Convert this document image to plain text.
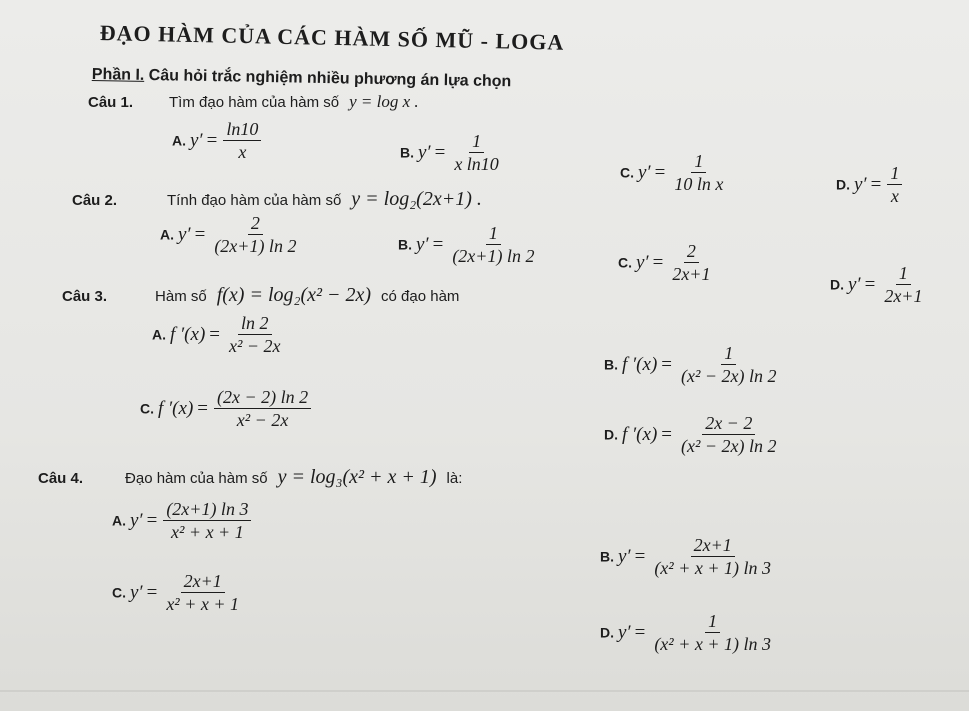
ĐẠO HÀM CỦA CÁC HÀM SỐ MŨ - LOGA
Phần I. Câu hỏi trắc nghiệm nhiều phương án lựa chọn
Câu 1. Tìm đạo hàm của hàm số y = log x .
A. $y' = \frac{\ln 10}{x}$	B. $y' = \frac{1}{\text{x ln10}}$	C. $y' = \frac{1}{\text{10 ln x}}$	D. $y' = \frac{1}{x}$
Câu 2.	Tính đạo hàm của hàm số y = log₂(2x+1) .
A. $y' = \frac{2}{(2x+1) \ln 2}$	B. $y' = \frac{1}{(2x+1) \ln 2}$	C. $y' = \frac{2}{2x+1}$	D. $y' = \frac{1}{2x+1}$
Câu 3.	Hàm số f(x) = log₂(x² − 2x) có đạo hàm
A. f $'(x) = \frac{\ln 2}{\text{x² − 2x}}$
B. f $'(x) = \frac{1}{\text{(x² − 2x) ln 2}}$
C. f $'(x) = \frac{(2x - 2) \ln 2}{\text{x² − 2x}}$
D. f $'(x) = \frac{2x - 2}{\text{(x² − 2x) ln 2}}$
Câu 4.	Đạo hàm của hàm số y = log₃(x² + x + 1) là:
A. $y' = \frac{(2x+1) \ln 3}{\text{x² + x + 1}}$
B. $y' = \frac{2x+1}{\text{(x² + x + 1) ln 3}}$
C. $y' = \frac{2x+1}{\text{x² + x + 1}}$
D. $y' = \frac{1}{\text{(x² + x + 1) ln 3}}$
